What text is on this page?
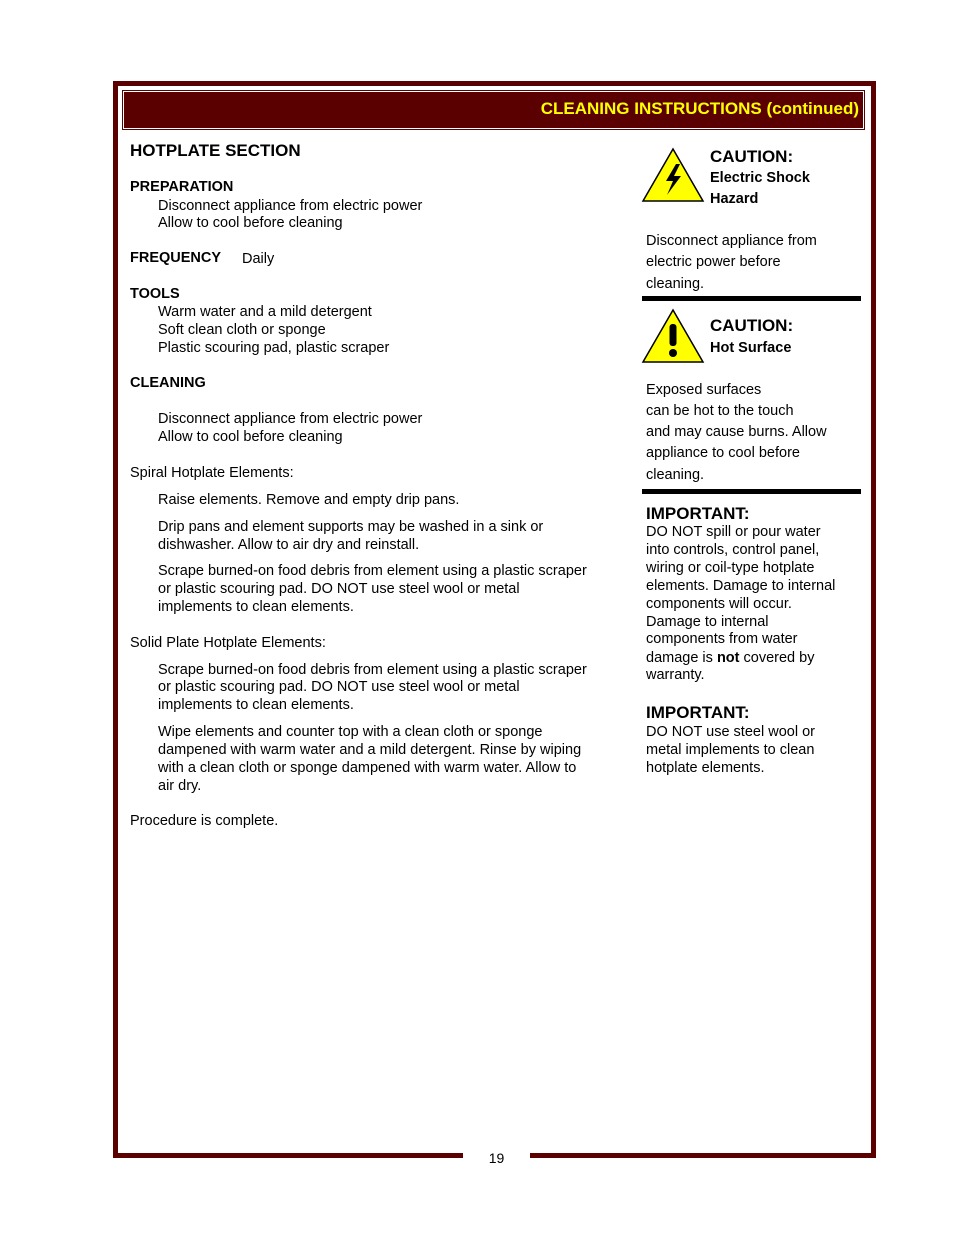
19
CLEANING INSTRUCTIONS (continued)
HOTPLATE SECTION
PREPARATION
Disconnect appliance from electric power
Allow to cool before cleaning
FREQUENCY Daily
TOOLS
Warm water and a mild detergent
Soft clean cloth or sponge
Plastic scouring pad, plastic scraper
CLEANING
Disconnect appliance from electric power
Allow to cool before cleaning
Spiral Hotplate Elements:
Raise elements. Remove and empty drip pans.
Drip pans and element supports may be washed in a sink or
dishwasher. Allow to air dry and reinstall.
Scrape burned-on food debris from element using a plastic scraper
or plastic scouring pad. DO NOT use steel wool or metal
implements to clean elements.
Solid Plate Hotplate Elements:
Scrape burned-on food debris from element using a plastic scraper
or plastic scouring pad. DO NOT use steel wool or metal
implements to clean elements.
Wipe elements and counter top with a clean cloth or sponge
dampened with warm water and a mild detergent. Rinse by wiping
with a clean cloth or sponge dampened with warm water. Allow to
air dry.
Procedure is complete.
CAUTION:
Electric Shock
Hazard
Disconnect appliance from
electric power before
cleaning.
CAUTION:
Hot Surface
Exposed surfaces
can be hot to the touch
and may cause burns. Allow
appliance to cool before
cleaning.
IMPORTANT:
DO NOT spill or pour water
into controls, control panel,
wiring or coil-type hotplate
elements. Damage to internal
components will occur.
Damage to internal
components from water
damage is not covered by
warranty.
IMPORTANT:
DO NOT use steel wool or
metal implements to clean
hotplate elements.
